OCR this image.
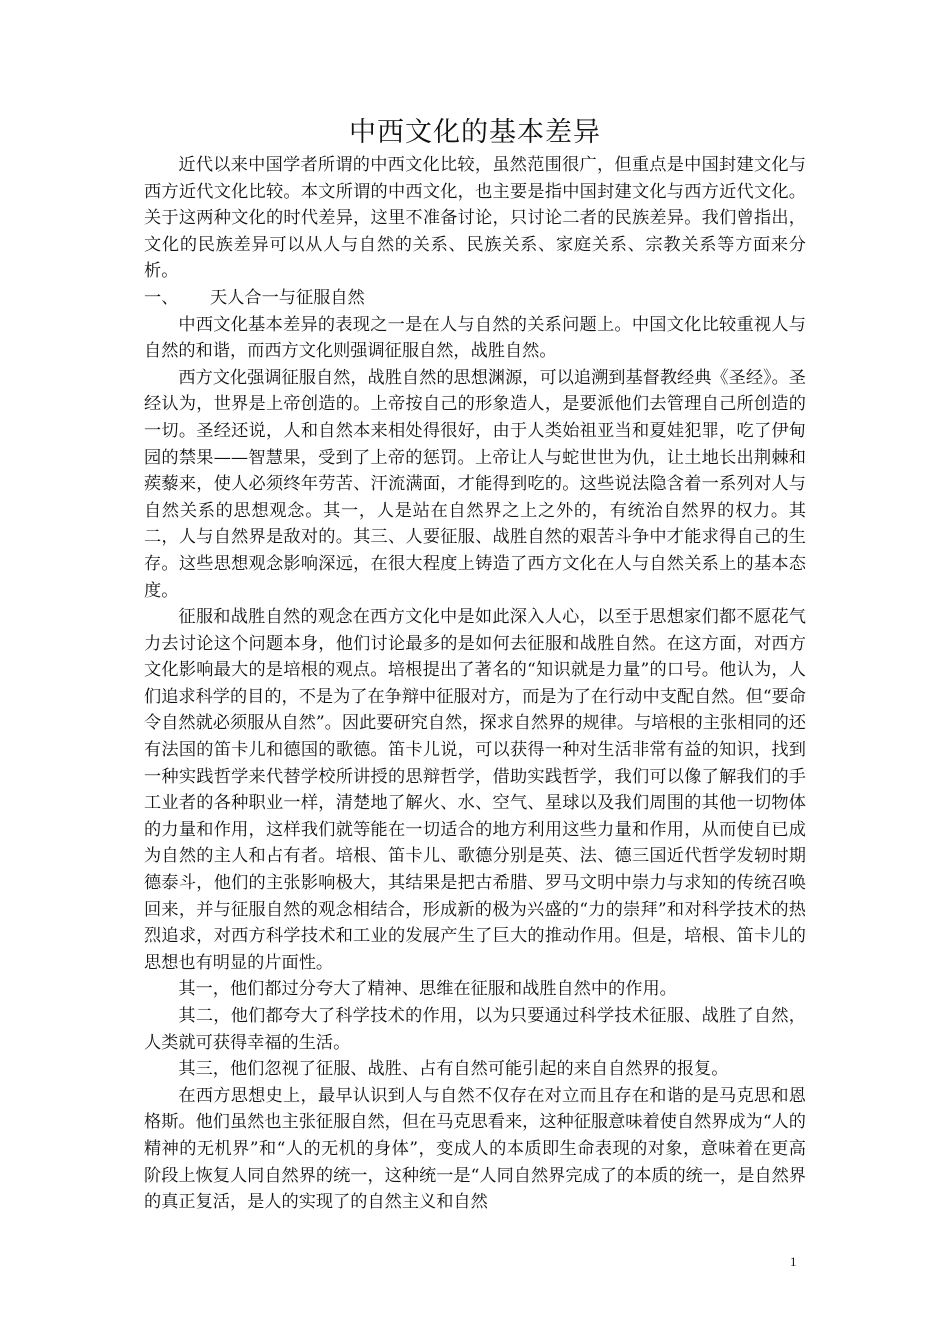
中西文化的基本差异

近代以来中国学者所谓的中西文化比较，虽然范围很广，但重点是中国封建文化与西方近代文化比较。本文所谓的中西文化，也主要是指中国封建文化与西方近代文化。关于这两种文化的时代差异，这里不准备讨论，只讨论二者的民族差异。我们曾指出，文化的民族差异可以从人与自然的关系、民族关系、家庭关系、宗教关系等方面来分析。

一、 天人合一与征服自然

中西文化基本差异的表现之一是在人与自然的关系问题上。中国文化比较重视人与自然的和谐，而西方文化则强调征服自然，战胜自然。

西方文化强调征服自然，战胜自然的思想渊源，可以追溯到基督教经典《圣经》。圣经认为，世界是上帝创造的。上帝按自己的形象造人，是要派他们去管理自己所创造的一切。圣经还说，人和自然本来相处得很好，由于人类始祖亚当和夏娃犯罪，吃了伊甸园的禁果——智慧果，受到了上帝的惩罚。上帝让人与蛇世世为仇，让土地长出荆棘和蒺藜来，使人必须终年劳苦、汗流满面，才能得到吃的。这些说法隐含着一系列对人与自然关系的思想观念。其一，人是站在自然界之上之外的，有统治自然界的权力。其二，人与自然界是敌对的。其三、人要征服、战胜自然的艰苦斗争中才能求得自己的生存。这些思想观念影响深远，在很大程度上铸造了西方文化在人与自然关系上的基本态度。

征服和战胜自然的观念在西方文化中是如此深入人心，以至于思想家们都不愿花气力去讨论这个问题本身，他们讨论最多的是如何去征服和战胜自然。在这方面，对西方文化影响最大的是培根的观点。培根提出了著名的“知识就是力量”的口号。他认为，人们追求科学的目的，不是为了在争辩中征服对方，而是为了在行动中支配自然。但“要命令自然就必须服从自然”。因此要研究自然，探求自然界的规律。与培根的主张相同的还有法国的笛卡儿和德国的歌德。笛卡儿说，可以获得一种对生活非常有益的知识，找到一种实践哲学来代替学校所讲授的思辩哲学，借助实践哲学，我们可以像了解我们的手工业者的各种职业一样，清楚地了解火、水、空气、星球以及我们周围的其他一切物体的力量和作用，这样我们就等能在一切适合的地方利用这些力量和作用，从而使自已成为自然的主人和占有者。培根、笛卡儿、歌德分别是英、法、德三国近代哲学发轫时期德泰斗，他们的主张影响极大，其结果是把古希腊、罗马文明中崇力与求知的传统召唤回来，并与征服自然的观念相结合，形成新的极为兴盛的“力的崇拜”和对科学技术的热烈追求，对西方科学技术和工业的发展产生了巨大的推动作用。但是，培根、笛卡儿的思想也有明显的片面性。

其一，他们都过分夸大了精神、思维在征服和战胜自然中的作用。

其二，他们都夸大了科学技术的作用，以为只要通过科学技术征服、战胜了自然，人类就可获得幸福的生活。

其三，他们忽视了征服、战胜、占有自然可能引起的来自自然界的报复。

在西方思想史上，最早认识到人与自然不仅存在对立而且存在和谐的是马克思和恩格斯。他们虽然也主张征服自然，但在马克思看来，这种征服意味着使自然界成为“人的精神的无机界”和“人的无机的身体”，变成人的本质即生命表现的对象，意味着在更高阶段上恢复人同自然界的统一，这种统一是“人同自然界完成了的本质的统一，是自然界的真正复活，是人的实现了的自然主义和自然

1
